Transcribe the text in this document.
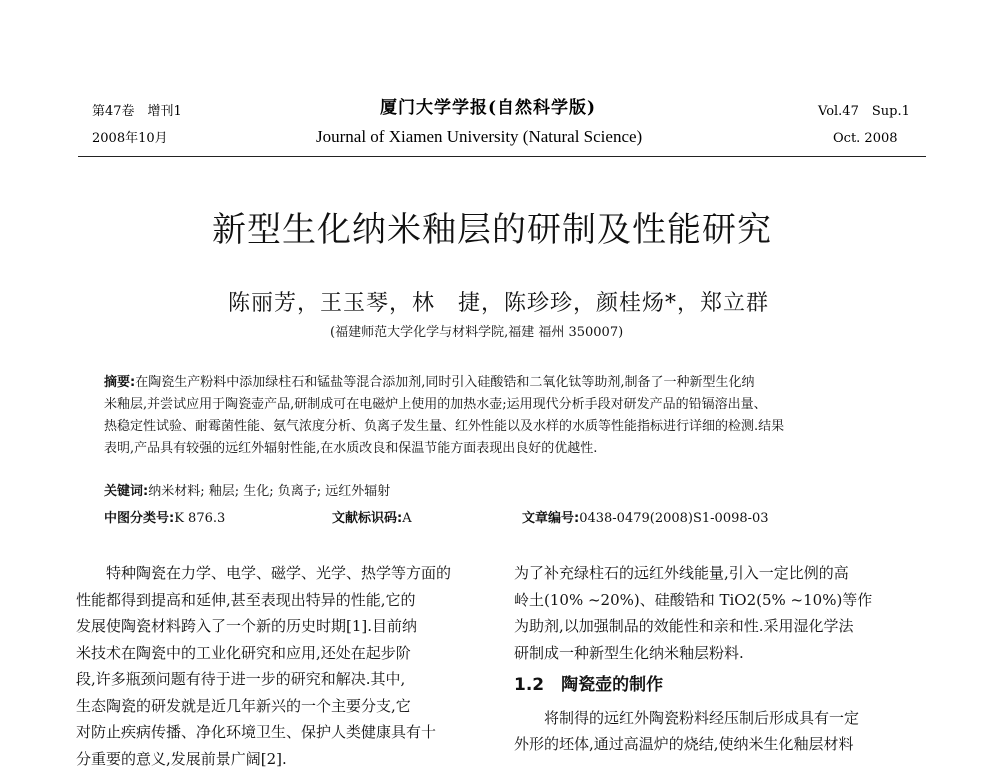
第47卷　增刊1
2008年10月
厦门大学学报(自然科学版)
Journal of Xiamen University (Natural Science)
Vol.47　Sup.1
Oct. 2008
新型生化纳米釉层的研制及性能研究
陈丽芳，王玉琴，林　捷，陈珍珍，颜桂炀*，郑立群
(福建师范大学化学与材料学院,福建 福州 350007)
摘要:在陶瓷生产粉料中添加绿柱石和锰盐等混合添加剂,同时引入硅酸锆和二氧化钛等助剂,制备了一种新型生化纳
米釉层,并尝试应用于陶瓷壶产品,研制成可在电磁炉上使用的加热水壶;运用现代分析手段对研发产品的铅镉溶出量、
热稳定性试验、耐霉菌性能、氨气浓度分析、负离子发生量、红外性能以及水样的水质等性能指标进行详细的检测.结果
表明,产品具有较强的远红外辐射性能,在水质改良和保温节能方面表现出良好的优越性.
关键词:纳米材料; 釉层; 生化; 负离子; 远红外辐射
中图分类号:K 876.3	文献标识码:A	文章编号:0438-0479(2008)S1-0098-03
　　特种陶瓷在力学、电学、磁学、光学、热学等方面的
性能都得到提高和延伸,甚至表现出特异的性能,它的
发展使陶瓷材料跨入了一个新的历史时期[1].目前纳
米技术在陶瓷中的工业化研究和应用,还处在起步阶
段,许多瓶颈问题有待于进一步的研究和解决.其中,
生态陶瓷的研发就是近几年新兴的一个主要分支,它
对防止疾病传播、净化环境卫生、保护人类健康具有十
分重要的意义,发展前景广阔[2].
为了补充绿柱石的远红外线能量,引入一定比例的高
岭土(10% ~20%)、硅酸锆和 TiO2(5% ~10%)等作
为助剂,以加强制品的效能性和亲和性.采用湿化学法
研制成一种新型生化纳米釉层粉料.
1.2　 陶瓷壶的制作
　　将制得的远红外陶瓷粉料经压制后形成具有一定
外形的坯体,通过高温炉的烧结,使纳米生化釉层材料
